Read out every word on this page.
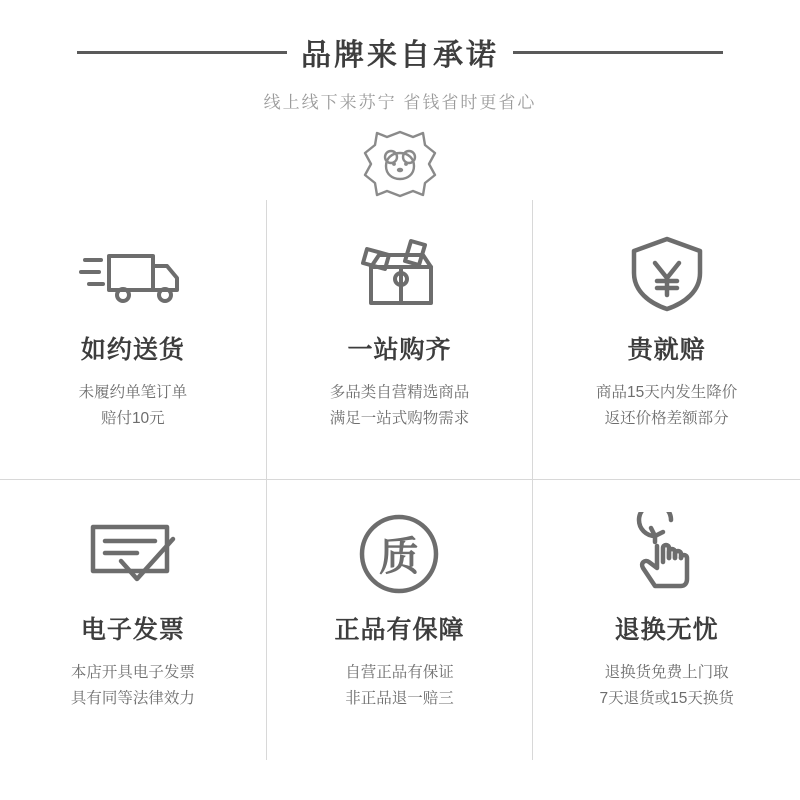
品牌来自承诺
线上线下来苏宁 省钱省时更省心
如约送货
未履约单笔订单
赔付10元
一站购齐
多品类自营精选商品
满足一站式购物需求
贵就赔
商品15天内发生降价
返还价格差额部分
电子发票
本店开具电子发票
具有同等法律效力
质
正品有保障
自营正品有保证
非正品退一赔三
退换无忧
退换货免费上门取
7天退货或15天换货
